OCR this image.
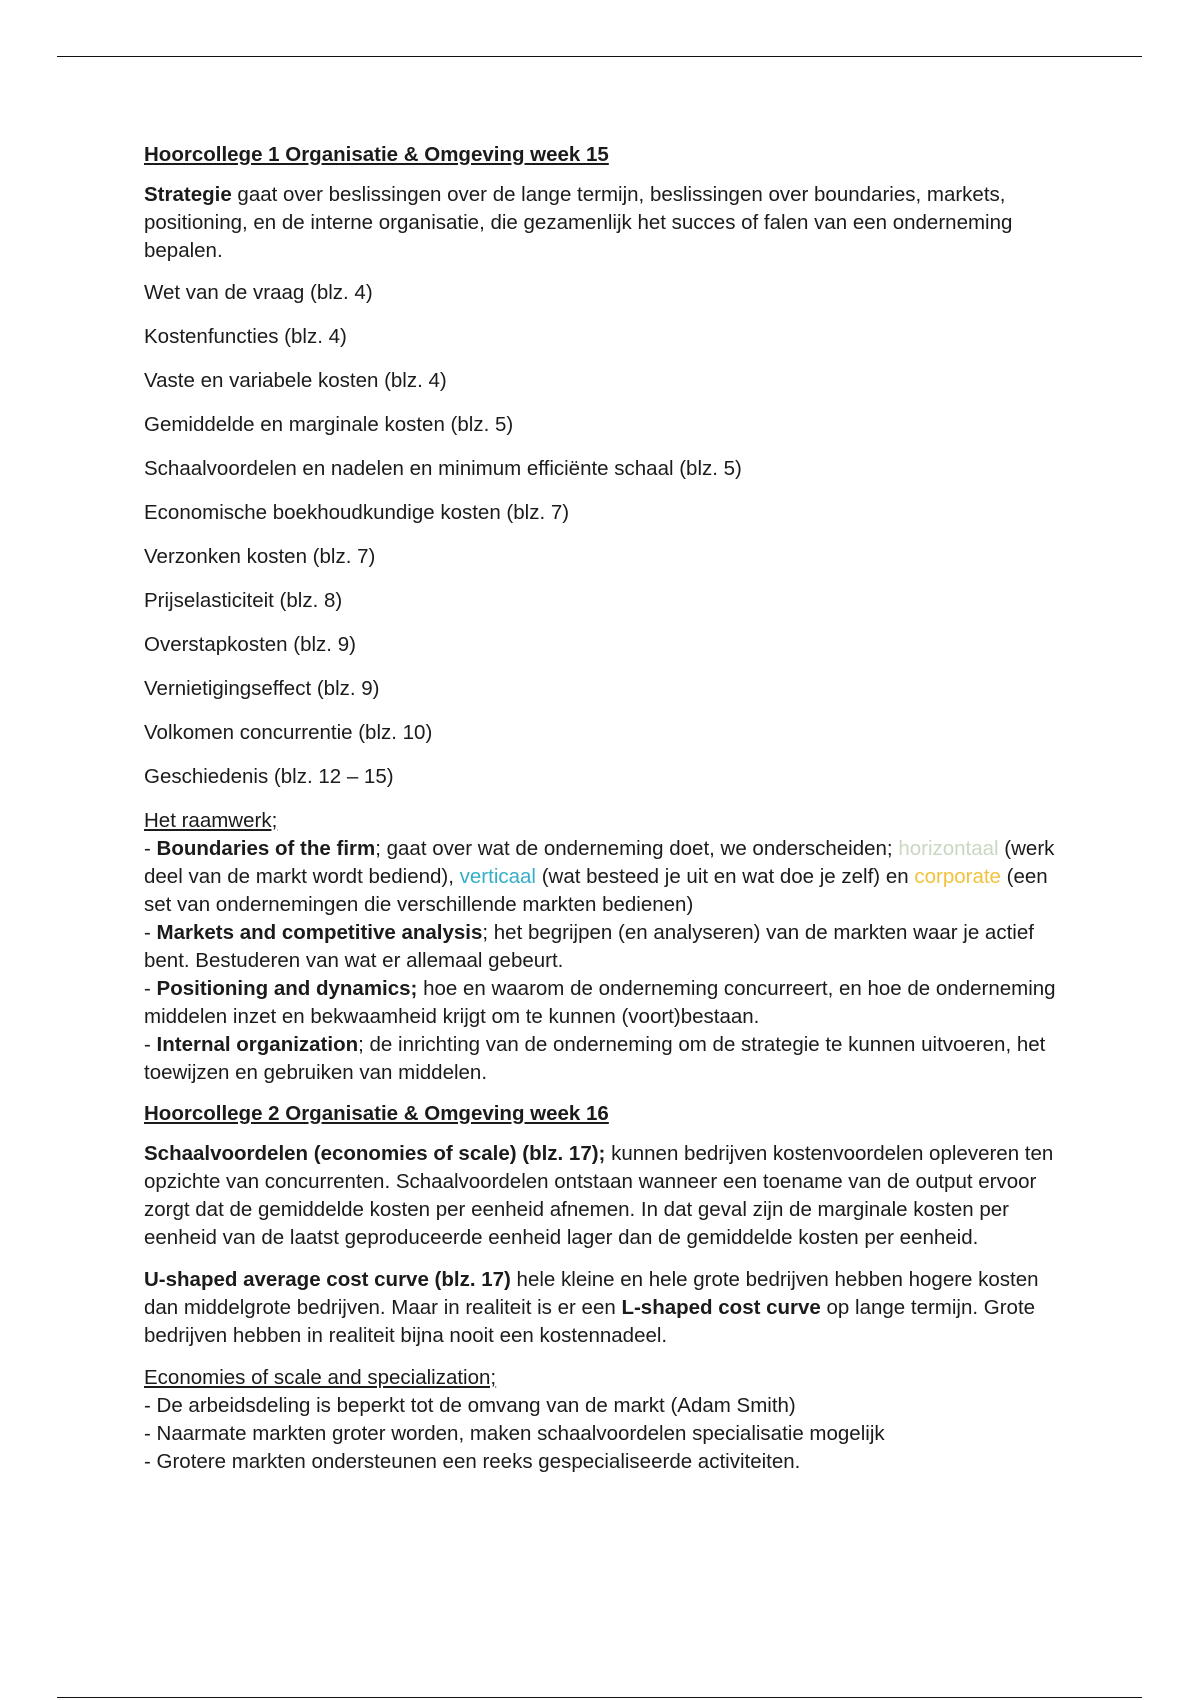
Hoorcollege 1 Organisatie & Omgeving week 15

Strategie gaat over beslissingen over de lange termijn, beslissingen over boundaries, markets, positioning, en de interne organisatie, die gezamenlijk het succes of falen van een onderneming bepalen.

Wet van de vraag (blz. 4)

Kostenfuncties (blz. 4)

Vaste en variabele kosten (blz. 4)

Gemiddelde en marginale kosten (blz. 5)

Schaalvoordelen en nadelen en minimum efficiënte schaal (blz. 5)

Economische boekhoudkundige kosten (blz. 7)

Verzonken kosten (blz. 7)

Prijselasticiteit (blz. 8)

Overstapkosten (blz. 9)

Vernietigingseffect (blz. 9)

Volkomen concurrentie (blz. 10)

Geschiedenis (blz. 12 – 15)

Het raamwerk;

- Boundaries of the firm; gaat over wat de onderneming doet, we onderscheiden; horizontaal (werk deel van de markt wordt bediend), verticaal (wat besteed je uit en wat doe je zelf) en corporate (een set van ondernemingen die verschillende markten bedienen)

- Markets and competitive analysis; het begrijpen (en analyseren) van de markten waar je actief bent. Bestuderen van wat er allemaal gebeurt.

- Positioning and dynamics; hoe en waarom de onderneming concurreert, en hoe de onderneming middelen inzet en bekwaamheid krijgt om te kunnen (voort)bestaan.

- Internal organization; de inrichting van de onderneming om de strategie te kunnen uitvoeren, het toewijzen en gebruiken van middelen.

Hoorcollege 2 Organisatie & Omgeving week 16

Schaalvoordelen (economies of scale) (blz. 17); kunnen bedrijven kostenvoordelen opleveren ten opzichte van concurrenten. Schaalvoordelen ontstaan wanneer een toename van de output ervoor zorgt dat de gemiddelde kosten per eenheid afnemen. In dat geval zijn de marginale kosten per eenheid van de laatst geproduceerde eenheid lager dan de gemiddelde kosten per eenheid.

U-shaped average cost curve (blz. 17) hele kleine en hele grote bedrijven hebben hogere kosten dan middelgrote bedrijven. Maar in realiteit is er een L-shaped cost curve op lange termijn. Grote bedrijven hebben in realiteit bijna nooit een kostennadeel.

Economies of scale and specialization;

- De arbeidsdeling is beperkt tot de omvang van de markt (Adam Smith)

- Naarmate markten groter worden, maken schaalvoordelen specialisatie mogelijk

- Grotere markten ondersteunen een reeks gespecialiseerde activiteiten.
